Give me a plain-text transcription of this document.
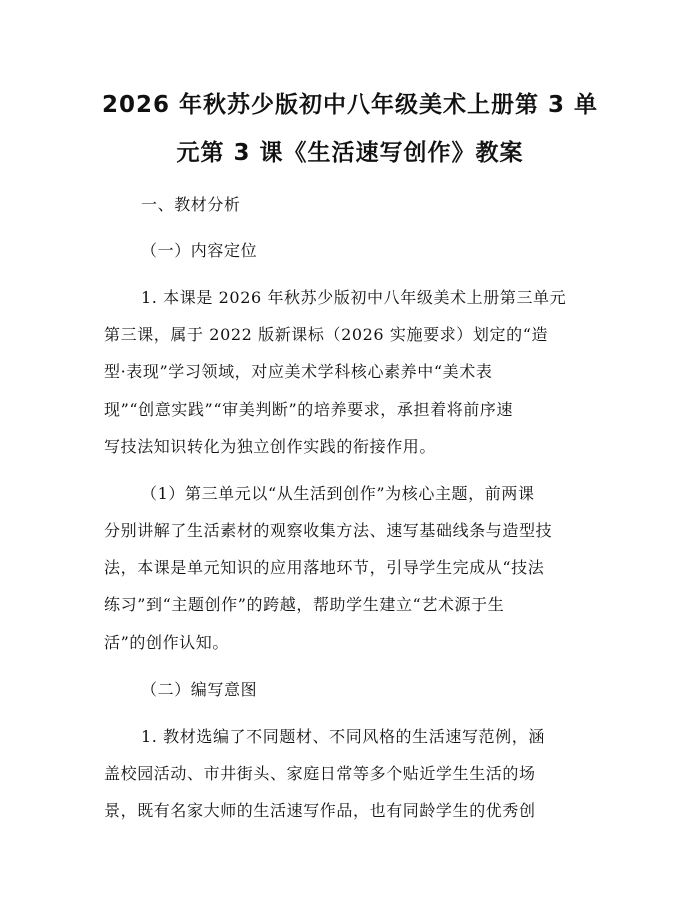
2026 年秋苏少版初中八年级美术上册第 3 单
元第 3 课《生活速写创作》教案
一、教材分析
（一）内容定位
1. 本课是 2026 年秋苏少版初中八年级美术上册第三单元
第三课，属于 2022 版新课标（2026 实施要求）划定的“造
型·表现”学习领域，对应美术学科核心素养中“美术表
现”“创意实践”“审美判断”的培养要求，承担着将前序速
写技法知识转化为独立创作实践的衔接作用。
（1）第三单元以“从生活到创作”为核心主题，前两课
分别讲解了生活素材的观察收集方法、速写基础线条与造型技
法，本课是单元知识的应用落地环节，引导学生完成从“技法
练习”到“主题创作”的跨越，帮助学生建立“艺术源于生
活”的创作认知。
（二）编写意图
1. 教材选编了不同题材、不同风格的生活速写范例，涵
盖校园活动、市井街头、家庭日常等多个贴近学生生活的场
景，既有名家大师的生活速写作品，也有同龄学生的优秀创
